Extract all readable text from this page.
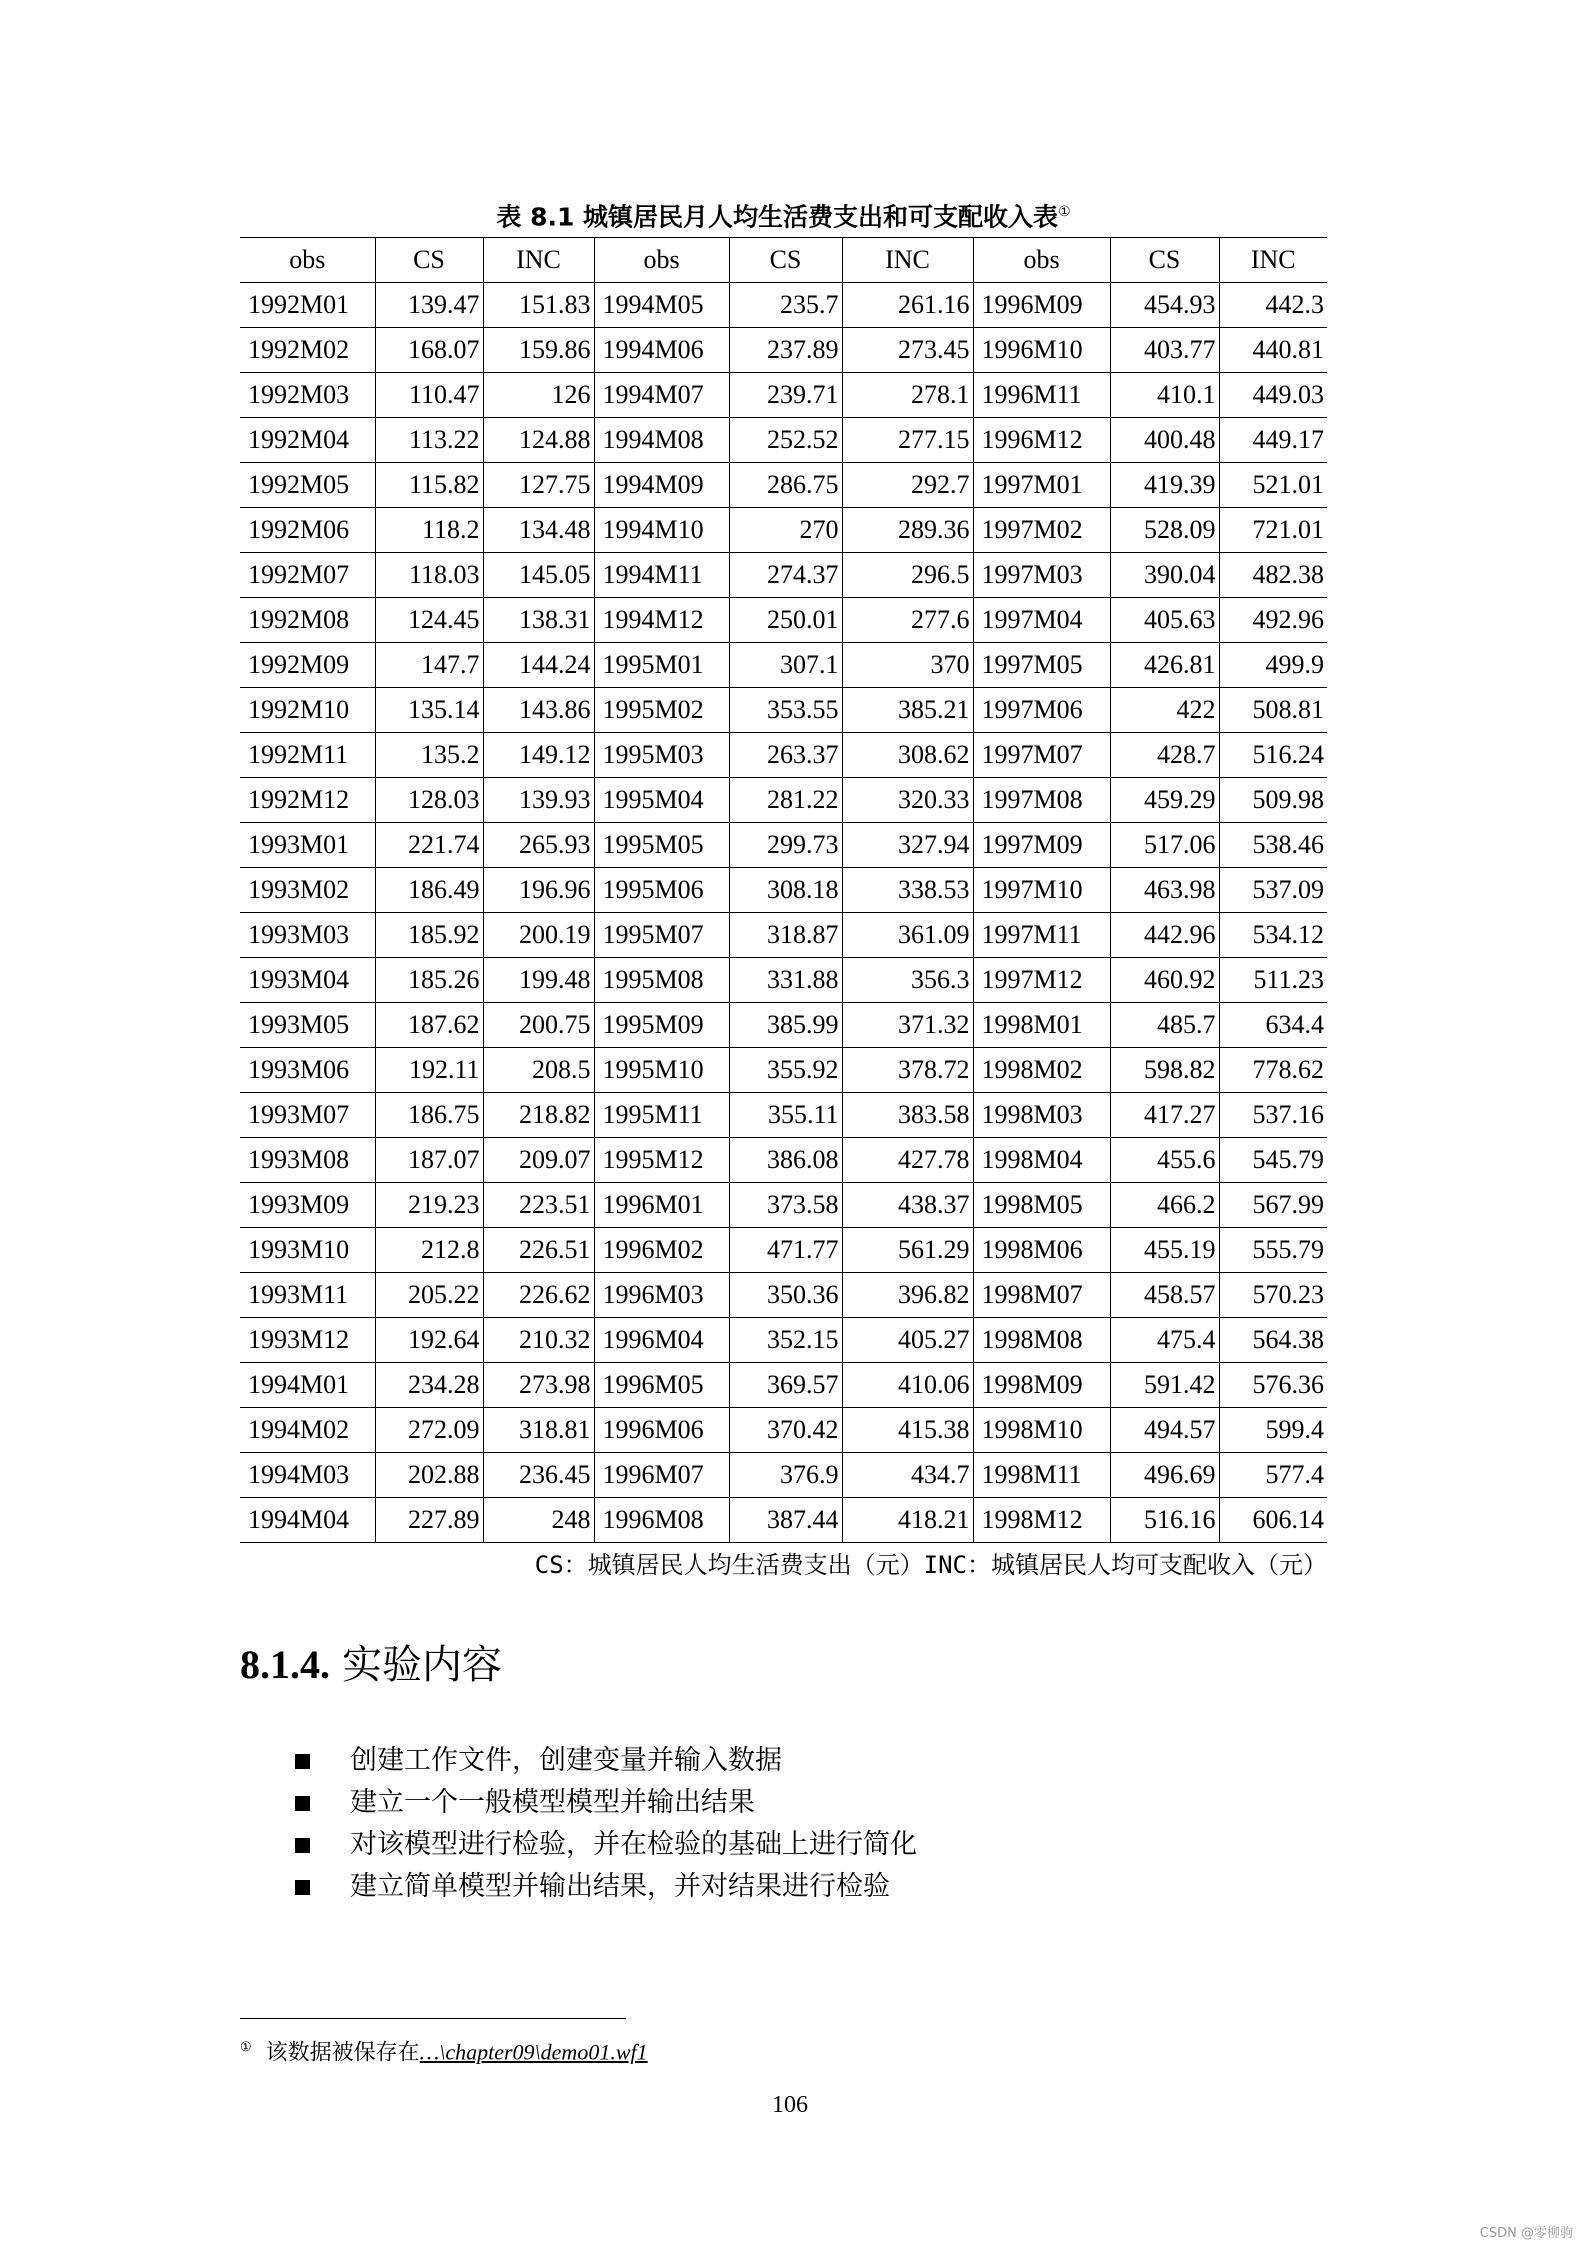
表 8.1 城镇居民月人均生活费支出和可支配收入表①
obs	CS	INC	obs	CS	INC	obs	CS	INC
1992M01	139.47	151.83	1994M05	235.7	261.16	1996M09	454.93	442.3
1992M02	168.07	159.86	1994M06	237.89	273.45	1996M10	403.77	440.81
1992M03	110.47	126	1994M07	239.71	278.1	1996M11	410.1	449.03
1992M04	113.22	124.88	1994M08	252.52	277.15	1996M12	400.48	449.17
1992M05	115.82	127.75	1994M09	286.75	292.7	1997M01	419.39	521.01
1992M06	118.2	134.48	1994M10	270	289.36	1997M02	528.09	721.01
1992M07	118.03	145.05	1994M11	274.37	296.5	1997M03	390.04	482.38
1992M08	124.45	138.31	1994M12	250.01	277.6	1997M04	405.63	492.96
1992M09	147.7	144.24	1995M01	307.1	370	1997M05	426.81	499.9
1992M10	135.14	143.86	1995M02	353.55	385.21	1997M06	422	508.81
1992M11	135.2	149.12	1995M03	263.37	308.62	1997M07	428.7	516.24
1992M12	128.03	139.93	1995M04	281.22	320.33	1997M08	459.29	509.98
1993M01	221.74	265.93	1995M05	299.73	327.94	1997M09	517.06	538.46
1993M02	186.49	196.96	1995M06	308.18	338.53	1997M10	463.98	537.09
1993M03	185.92	200.19	1995M07	318.87	361.09	1997M11	442.96	534.12
1993M04	185.26	199.48	1995M08	331.88	356.3	1997M12	460.92	511.23
1993M05	187.62	200.75	1995M09	385.99	371.32	1998M01	485.7	634.4
1993M06	192.11	208.5	1995M10	355.92	378.72	1998M02	598.82	778.62
1993M07	186.75	218.82	1995M11	355.11	383.58	1998M03	417.27	537.16
1993M08	187.07	209.07	1995M12	386.08	427.78	1998M04	455.6	545.79
1993M09	219.23	223.51	1996M01	373.58	438.37	1998M05	466.2	567.99
1993M10	212.8	226.51	1996M02	471.77	561.29	1998M06	455.19	555.79
1993M11	205.22	226.62	1996M03	350.36	396.82	1998M07	458.57	570.23
1993M12	192.64	210.32	1996M04	352.15	405.27	1998M08	475.4	564.38
1994M01	234.28	273.98	1996M05	369.57	410.06	1998M09	591.42	576.36
1994M02	272.09	318.81	1996M06	370.42	415.38	1998M10	494.57	599.4
1994M03	202.88	236.45	1996M07	376.9	434.7	1998M11	496.69	577.4
1994M04	227.89	248	1996M08	387.44	418.21	1998M12	516.16	606.14
CS：城镇居民人均生活费支出（元）INC：城镇居民人均可支配收入（元）
8.1.4. 实验内容
创建工作文件，创建变量并输入数据
建立一个一般模型模型并输出结果
对该模型进行检验，并在检验的基础上进行简化
建立简单模型并输出结果，并对结果进行检验
① 该数据被保存在…\chapter09\demo01.wf1
106
CSDN @零柳驹
